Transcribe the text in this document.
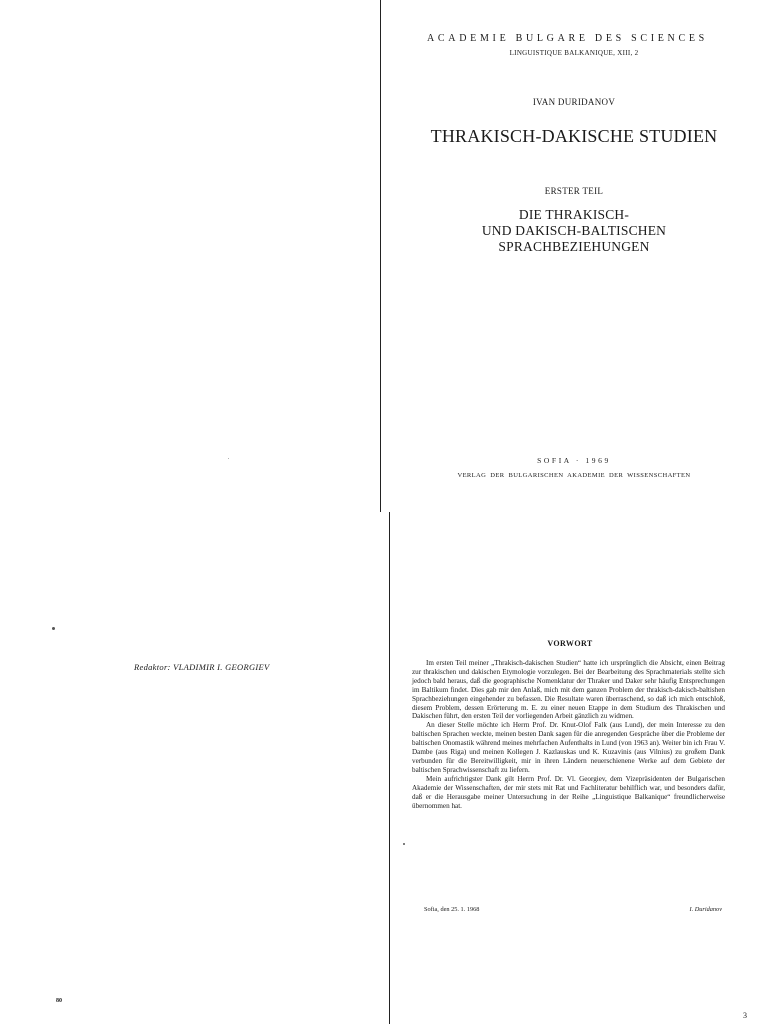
ACADEMIE BULGARE DES SCIENCES
LINGUISTIQUE BALKANIQUE, XIII, 2
IVAN DURIDANOV
THRAKISCH-DAKISCHE STUDIEN
ERSTER TEIL
DIE THRAKISCH-
UND DAKISCH-BALTISCHEN
SPRACHBEZIEHUNGEN
SOFIA · 1969
VERLAG DER BULGARISCHEN AKADEMIE DER WISSENSCHAFTEN
Redaktor: VLADIMIR I. GEORGIEV
80
VORWORT

Im ersten Teil meiner „Thrakisch-dakischen Studien“ hatte ich ursprünglich die Absicht, einen Beitrag zur thrakischen und dakischen Etymologie vorzulegen. Bei der Bearbeitung des Sprachmaterials stellte sich jedoch bald heraus, daß die geographische Nomenklatur der Thraker und Daker sehr häufig Entsprechungen im Baltikum findet. Dies gab mir den Anlaß, mich mit dem ganzen Problem der thrakisch-dakisch-baltishen Sprachbeziehungen eingehender zu befassen. Die Resultate waren überraschend, so daß ich mich entschloß, diesem Problem, dessen Erörterung m. E. zu einer neuen Etappe in dem Studium des Thrakischen und Dakischen führt, den ersten Teil der vorliegenden Arbeit gänzlich zu widmen.

An dieser Stelle möchte ich Herrn Prof. Dr. Knut-Olof Falk (aus Lund), der mein Interesse zu den baltischen Sprachen weckte, meinen besten Dank sagen für die anregenden Gespräche über die Probleme der baltischen Onomastik während meines mehrfachen Aufenthalts in Lund (von 1963 an). Weiter bin ich Frau V. Dambe (aus Riga) und meinen Kollegen J. Kazlauskas und K. Kuzavinis (aus Vilnius) zu großem Dank verbunden für die Bereitwilligkeit, mir in ihren Ländern neuerschienene Werke auf dem Gebiete der baltischen Sprachwissenschaft zu liefern.

Mein aufrichtigster Dank gilt Herrn Prof. Dr. Vl. Georgiev, dem Vizepräsidenten der Bulgarischen Akademie der Wissenschaften, der mir stets mit Rat und Fachliteratur behilflich war, und besonders dafür, daß er die Herausgabe meiner Untersuchung in der Reihe „Linguistique Balkanique“ freundlicherweise übernommen hat.

Sofia, den 25. 1. 1968	I. Duridanov
3
